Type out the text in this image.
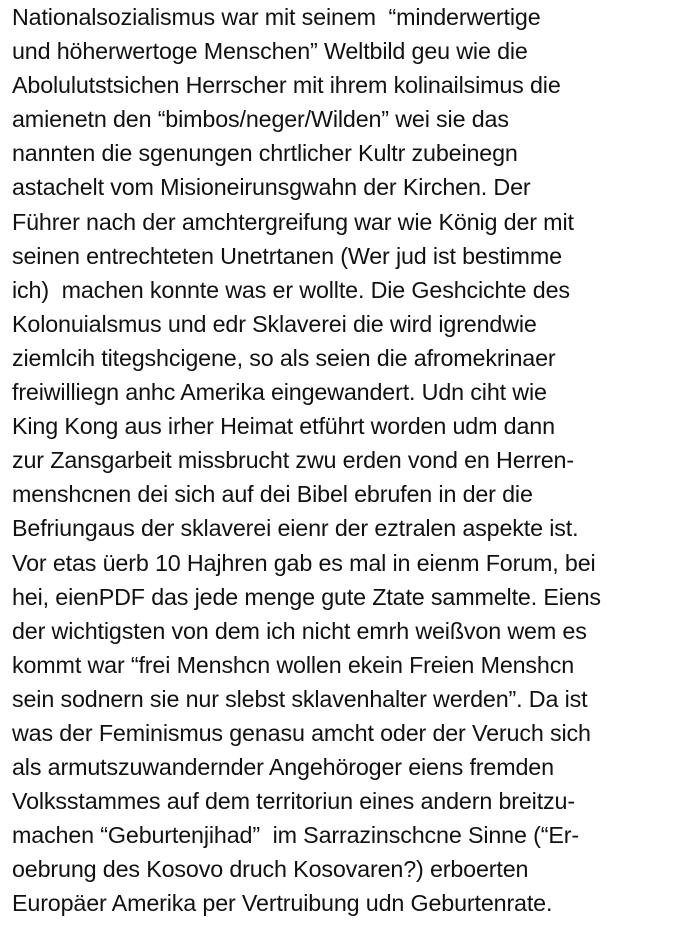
Nationalsozialismus war mit seinem  “minderwertige
und höherwertoge Menschen” Weltbild geu wie die
Abolulutstsichen Herrscher mit ihrem kolinailsimus die
amienetn den “bimbos/neger/Wilden” wei sie das
nannten die sgenungen chrtlicher Kultr zubeinegn
astachelt vom Misioneirunsgwahn der Kirchen. Der
Führer nach der amchtergreifung war wie König der mit
seinen entrechteten Unetrtanen (Wer jud ist bestimme
ich)  machen konnte was er wollte. Die Geshcichte des
Kolonuialsmus und edr Sklaverei die wird igrendwie
ziemlcih titegshcigene, so als seien die afromekrinaer
freiwilliegn anhc Amerika eingewandert. Udn ciht wie
King Kong aus irher Heimat etführt worden udm dann
zur Zansgarbeit missbrucht zwu erden vond en Herren-
menshcnen dei sich auf dei Bibel ebrufen in der die
Befriungaus der sklaverei eienr der eztralen aspekte ist.
Vor etas üerb 10 Hajhren gab es mal in eienm Forum, bei
hei, eienPDF das jede menge gute Ztate sammelte. Eiens
der wichtigsten von dem ich nicht emrh weißvon wem es
kommt war “frei Menshcn wollen ekein Freien Menshcn
sein sodnern sie nur slebst sklavenhalter werden”. Da ist
was der Feminismus genasu amcht oder der Veruch sich
als armutszuwandernder Angehöroger eiens fremden
Volksstammes auf dem territoriun eines andern breitzu-
machen “Geburtenjihad”  im Sarrazinschcne Sinne (“Er-
oebrung des Kosovo druch Kosovaren?) erboerten
Europäer Amerika per Vertruibung udn Geburtenrate.
